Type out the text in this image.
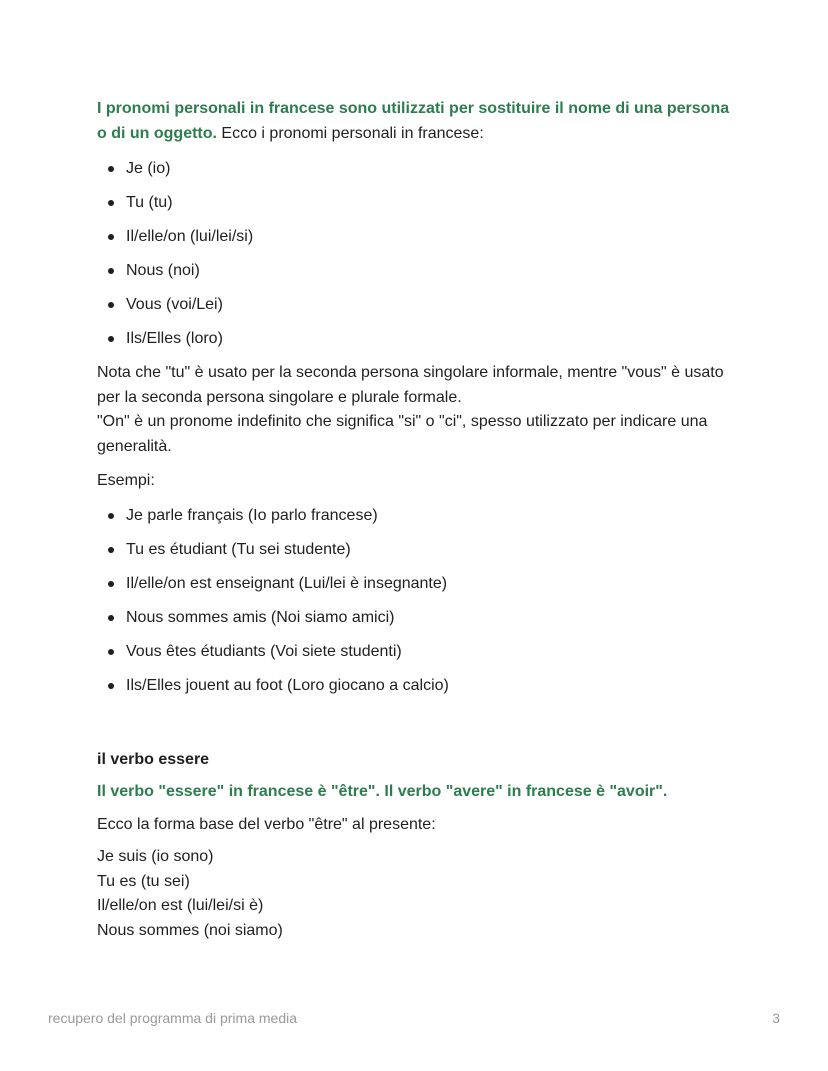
I pronomi personali in francese sono utilizzati per sostituire il nome di una persona o di un oggetto. Ecco i pronomi personali in francese:

Je (io)
Tu (tu)
Il/elle/on (lui/lei/si)
Nous (noi)
Vous (voi/Lei)
Ils/Elles (loro)

Nota che "tu" è usato per la seconda persona singolare informale, mentre "vous" è usato per la seconda persona singolare e plurale formale.

"On" è un pronome indefinito che significa "si" o "ci", spesso utilizzato per indicare una generalità.

Esempi:

Je parle français (Io parlo francese)
Tu es étudiant (Tu sei studente)
Il/elle/on est enseignant (Lui/lei è insegnante)
Nous sommes amis (Noi siamo amici)
Vous êtes étudiants (Voi siete studenti)
Ils/Elles jouent au foot (Loro giocano a calcio)

il verbo essere

Il verbo "essere" in francese è "être". Il verbo "avere" in francese è "avoir".

Ecco la forma base del verbo "être" al presente:

Je suis (io sono)

Tu es (tu sei)

Il/elle/on est (lui/lei/si è)

Nous sommes (noi siamo)

recupero del programma di prima media	3
